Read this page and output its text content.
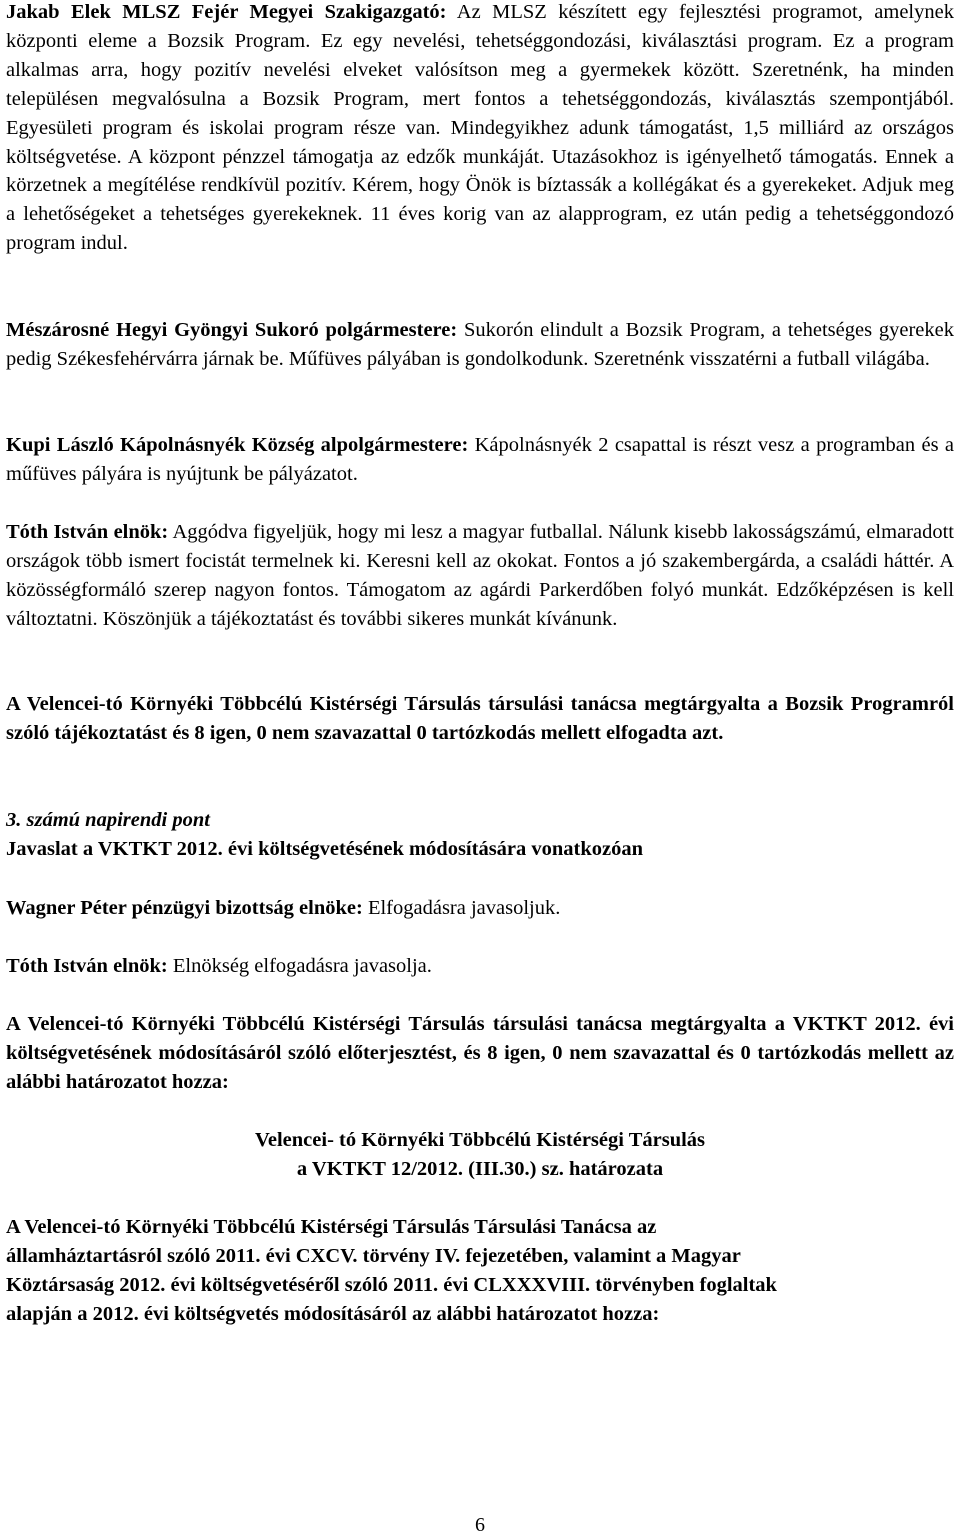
Jakab Elek MLSZ Fejér Megyei Szakigazgató: Az MLSZ készített egy fejlesztési programot, amelynek központi eleme a Bozsik Program. Ez egy nevelési, tehetséggondozási, kiválasztási program. Ez a program alkalmas arra, hogy pozitív nevelési elveket valósítson meg a gyermekek között. Szeretnénk, ha minden településen megvalósulna a Bozsik Program, mert fontos a tehetséggondozás, kiválasztás szempontjából. Egyesületi program és iskolai program része van. Mindegyikhez adunk támogatást, 1,5 milliárd az országos költségvetése. A központ pénzzel támogatja az edzők munkáját. Utazásokhoz is igényelhető támogatás. Ennek a körzetnek a megítélése rendkívül pozitív. Kérem, hogy Önök is bíztassák a kollégákat és a gyerekeket. Adjuk meg a lehetőségeket a tehetséges gyerekeknek. 11 éves korig van az alapprogram, ez után pedig a tehetséggondozó program indul.

Mészárosné Hegyi Gyöngyi Sukoró polgármestere: Sukorón elindult a Bozsik Program, a tehetséges gyerekek pedig Székesfehérvárra járnak be. Műfüves pályában is gondolkodunk. Szeretnénk visszatérni a futball világába.

Kupi László Kápolnásnyék Község alpolgármestere: Kápolnásnyék 2 csapattal is részt vesz a programban és a műfüves pályára is nyújtunk be pályázatot.

Tóth István elnök: Aggódva figyeljük, hogy mi lesz a magyar futballal. Nálunk kisebb lakosságszámú, elmaradott országok több ismert focistát termelnek ki. Keresni kell az okokat. Fontos a jó szakembergárda, a családi háttér. A közösségformáló szerep nagyon fontos. Támogatom az agárdi Parkerdőben folyó munkát. Edzőképzésen is kell változtatni. Köszönjük a tájékoztatást és további sikeres munkát kívánunk.

A Velencei-tó Környéki Többcélú Kistérségi Társulás társulási tanácsa megtárgyalta a Bozsik Programról szóló tájékoztatást és 8 igen, 0 nem szavazattal 0 tartózkodás mellett elfogadta azt.

3. számú napirendi pont
Javaslat a VKTKT 2012. évi költségvetésének módosítására vonatkozóan

Wagner Péter pénzügyi bizottság elnöke: Elfogadásra javasoljuk.

Tóth István elnök: Elnökség elfogadásra javasolja.

A Velencei-tó Környéki Többcélú Kistérségi Társulás társulási tanácsa megtárgyalta a VKTKT 2012. évi költségvetésének módosításáról szóló előterjesztést, és 8 igen, 0 nem szavazattal és 0 tartózkodás mellett az alábbi határozatot hozza:

Velencei- tó Környéki Többcélú Kistérségi Társulás

a VKTKT 12/2012. (III.30.) sz. határozata

A Velencei-tó Környéki Többcélú Kistérségi Társulás Társulási Tanácsa az
államháztartásról szóló 2011. évi CXCV. törvény IV. fejezetében, valamint a Magyar
Köztársaság 2012. évi költségvetéséről szóló 2011. évi CLXXXVIII. törvényben foglaltak
alapján a 2012. évi költségvetés módosításáról az alábbi határozatot hozza:
6
